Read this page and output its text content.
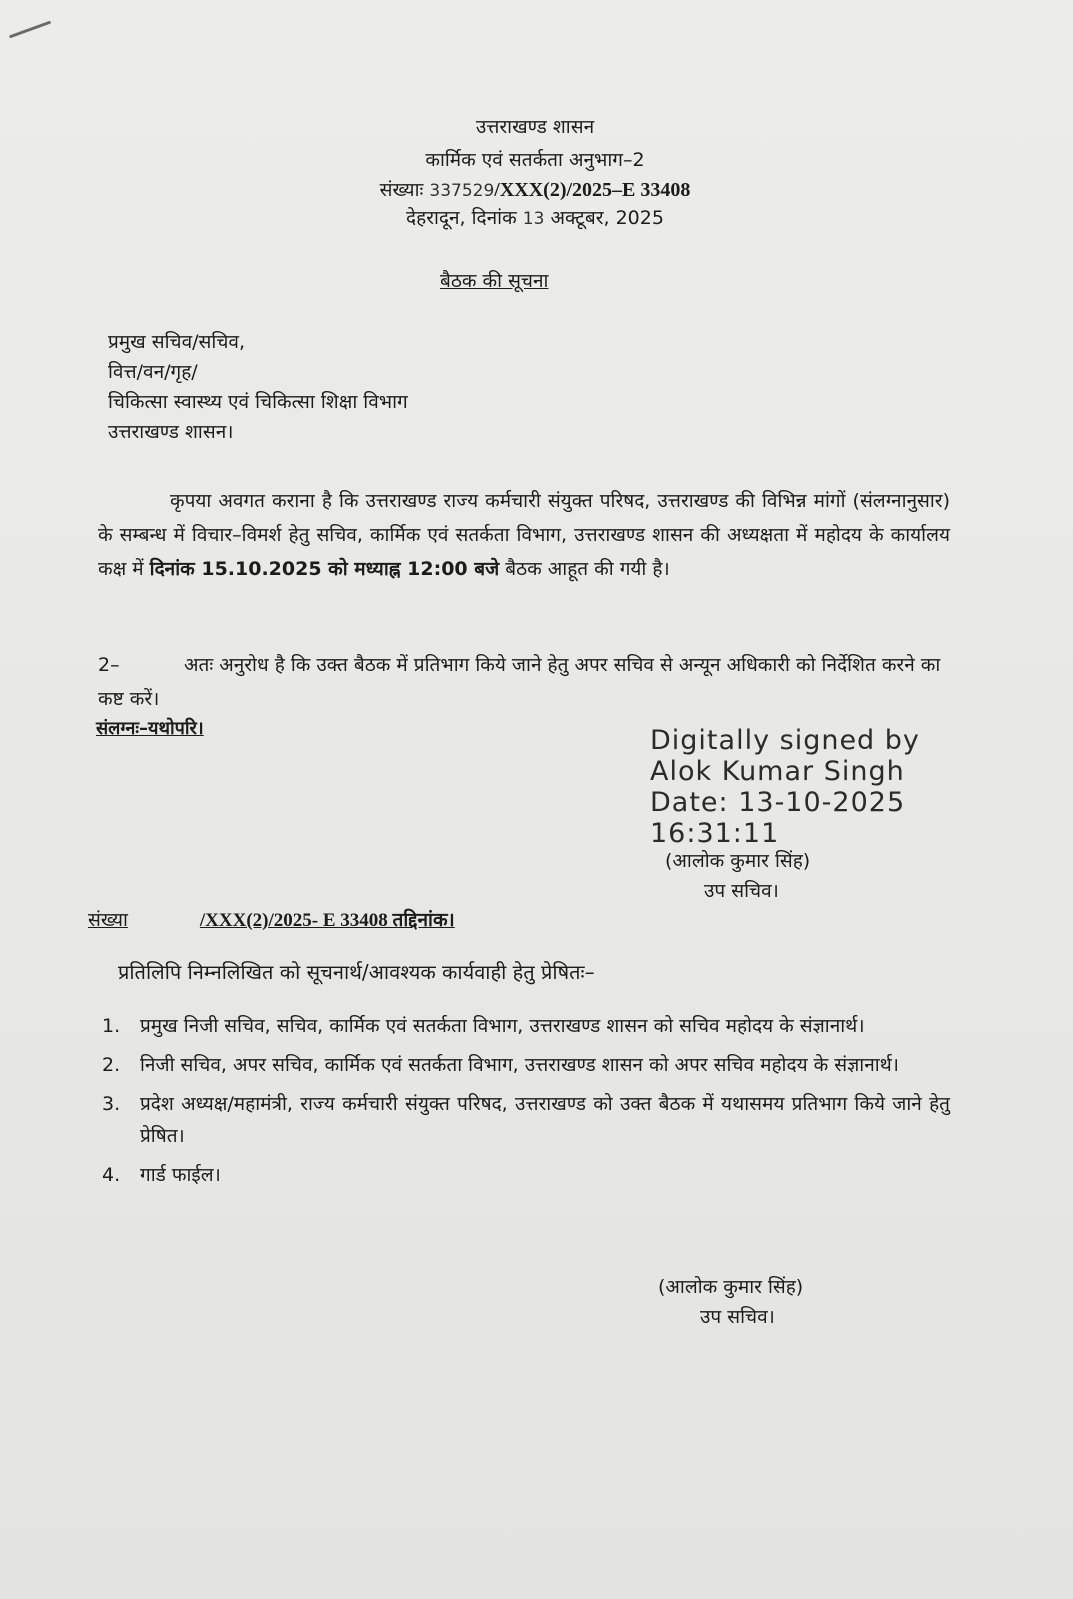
उत्तराखण्ड शासन
कार्मिक एवं सतर्कता अनुभाग–2
संख्याः 337529/XXX(2)/2025–E 33408
देहरादून, दिनांक 13 अक्टूबर, 2025
बैठक की सूचना
प्रमुख सचिव/सचिव,
वित्त/वन/गृह/
चिकित्सा स्वास्थ्य एवं चिकित्सा शिक्षा विभाग
उत्तराखण्ड शासन।
कृपया अवगत कराना है कि उत्तराखण्ड राज्य कर्मचारी संयुक्त परिषद, उत्तराखण्ड की विभिन्न मांगों (संलग्नानुसार) के सम्बन्ध में विचार–विमर्श हेतु सचिव, कार्मिक एवं सतर्कता विभाग, उत्तराखण्ड शासन की अध्यक्षता में महोदय के कार्यालय कक्ष में दिनांक 15.10.2025 को मध्याह्न 12:00 बजे बैठक आहूत की गयी है।
2–	अतः अनुरोध है कि उक्त बैठक में प्रतिभाग किये जाने हेतु अपर सचिव से अन्यून अधिकारी को निर्देशित करने का कष्ट करें।
संलग्नः–यथोपरि।	Digitally signed by
Alok Kumar Singh
Date: 13-10-2025
16:31:11
(आलोक कुमार सिंह)
उप सचिव।
संख्या	/XXX(2)/2025- E 33408 तद्दिनांक।
प्रतिलिपि निम्नलिखित को सूचनार्थ/आवश्यक कार्यवाही हेतु प्रेषितः–
1. प्रमुख निजी सचिव, सचिव, कार्मिक एवं सतर्कता विभाग, उत्तराखण्ड शासन को सचिव महोदय के संज्ञानार्थ।
2. निजी सचिव, अपर सचिव, कार्मिक एवं सतर्कता विभाग, उत्तराखण्ड शासन को अपर सचिव महोदय के संज्ञानार्थ।
3. प्रदेश अध्यक्ष/महामंत्री, राज्य कर्मचारी संयुक्त परिषद, उत्तराखण्ड को उक्त बैठक में यथासमय प्रतिभाग किये जाने हेतु प्रेषित।
4. गार्ड फाईल।
(आलोक कुमार सिंह)
उप सचिव।
